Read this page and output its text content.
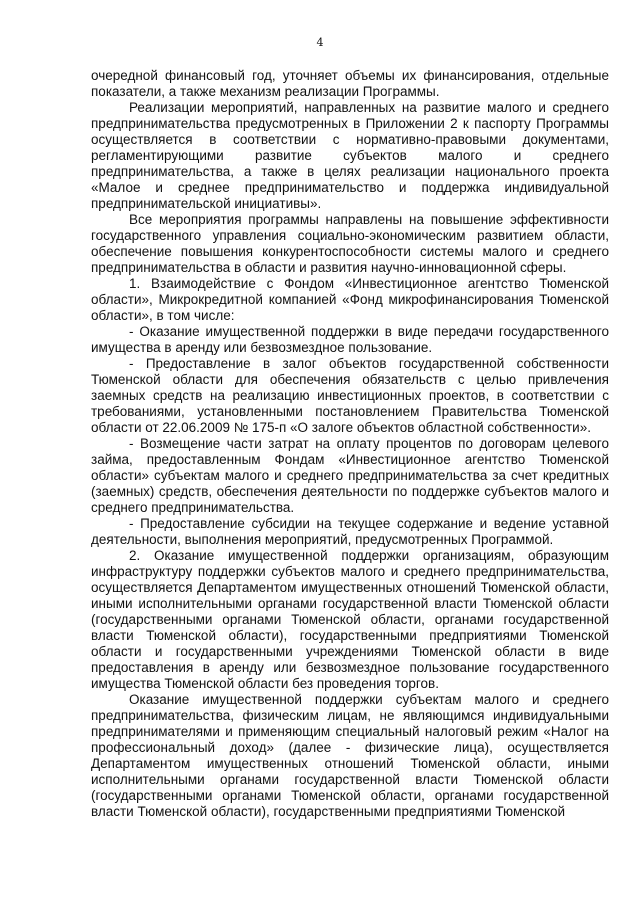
4

очередной финансовый год, уточняет объемы их финансирования, отдельные показатели, а также механизм реализации Программы.

Реализации мероприятий, направленных на развитие малого и среднего предпринимательства предусмотренных в Приложении 2 к паспорту Программы осуществляется в соответствии с нормативно-правовыми документами, регламентирующими развитие субъектов малого и среднего предпринимательства, а также в целях реализации национального проекта «Малое и среднее предпринимательство и поддержка индивидуальной предпринимательской инициативы».

Все мероприятия программы направлены на повышение эффективности государственного управления социально-экономическим развитием области, обеспечение повышения конкурентоспособности системы малого и среднего предпринимательства в области и развития научно-инновационной сферы.

1. Взаимодействие с Фондом «Инвестиционное агентство Тюменской области», Микрокредитной компанией «Фонд микрофинансирования Тюменской области», в том числе:

- Оказание имущественной поддержки в виде передачи государственного имущества в аренду или безвозмездное пользование.

- Предоставление в залог объектов государственной собственности Тюменской области для обеспечения обязательств с целью привлечения заемных средств на реализацию инвестиционных проектов, в соответствии с требованиями, установленными постановлением Правительства Тюменской области от 22.06.2009 № 175-п «О залоге объектов областной собственности».

- Возмещение части затрат на оплату процентов по договорам целевого займа, предоставленным Фондам «Инвестиционное агентство Тюменской области» субъектам малого и среднего предпринимательства за счет кредитных (заемных) средств, обеспечения деятельности по поддержке субъектов малого и среднего предпринимательства.

- Предоставление субсидии на текущее содержание и ведение уставной деятельности, выполнения мероприятий, предусмотренных Программой.

2. Оказание имущественной поддержки организациям, образующим инфраструктуру поддержки субъектов малого и среднего предпринимательства, осуществляется Департаментом имущественных отношений Тюменской области, иными исполнительными органами государственной власти Тюменской области (государственными органами Тюменской области, органами государственной власти Тюменской области), государственными предприятиями Тюменской области и государственными учреждениями Тюменской области в виде предоставления в аренду или безвозмездное пользование государственного имущества Тюменской области без проведения торгов.

Оказание имущественной поддержки субъектам малого и среднего предпринимательства, физическим лицам, не являющимся индивидуальными предпринимателями и применяющим специальный налоговый режим «Налог на профессиональный доход» (далее - физические лица), осуществляется Департаментом имущественных отношений Тюменской области, иными исполнительными органами государственной власти Тюменской области (государственными органами Тюменской области, органами государственной власти Тюменской области), государственными предприятиями Тюменской
